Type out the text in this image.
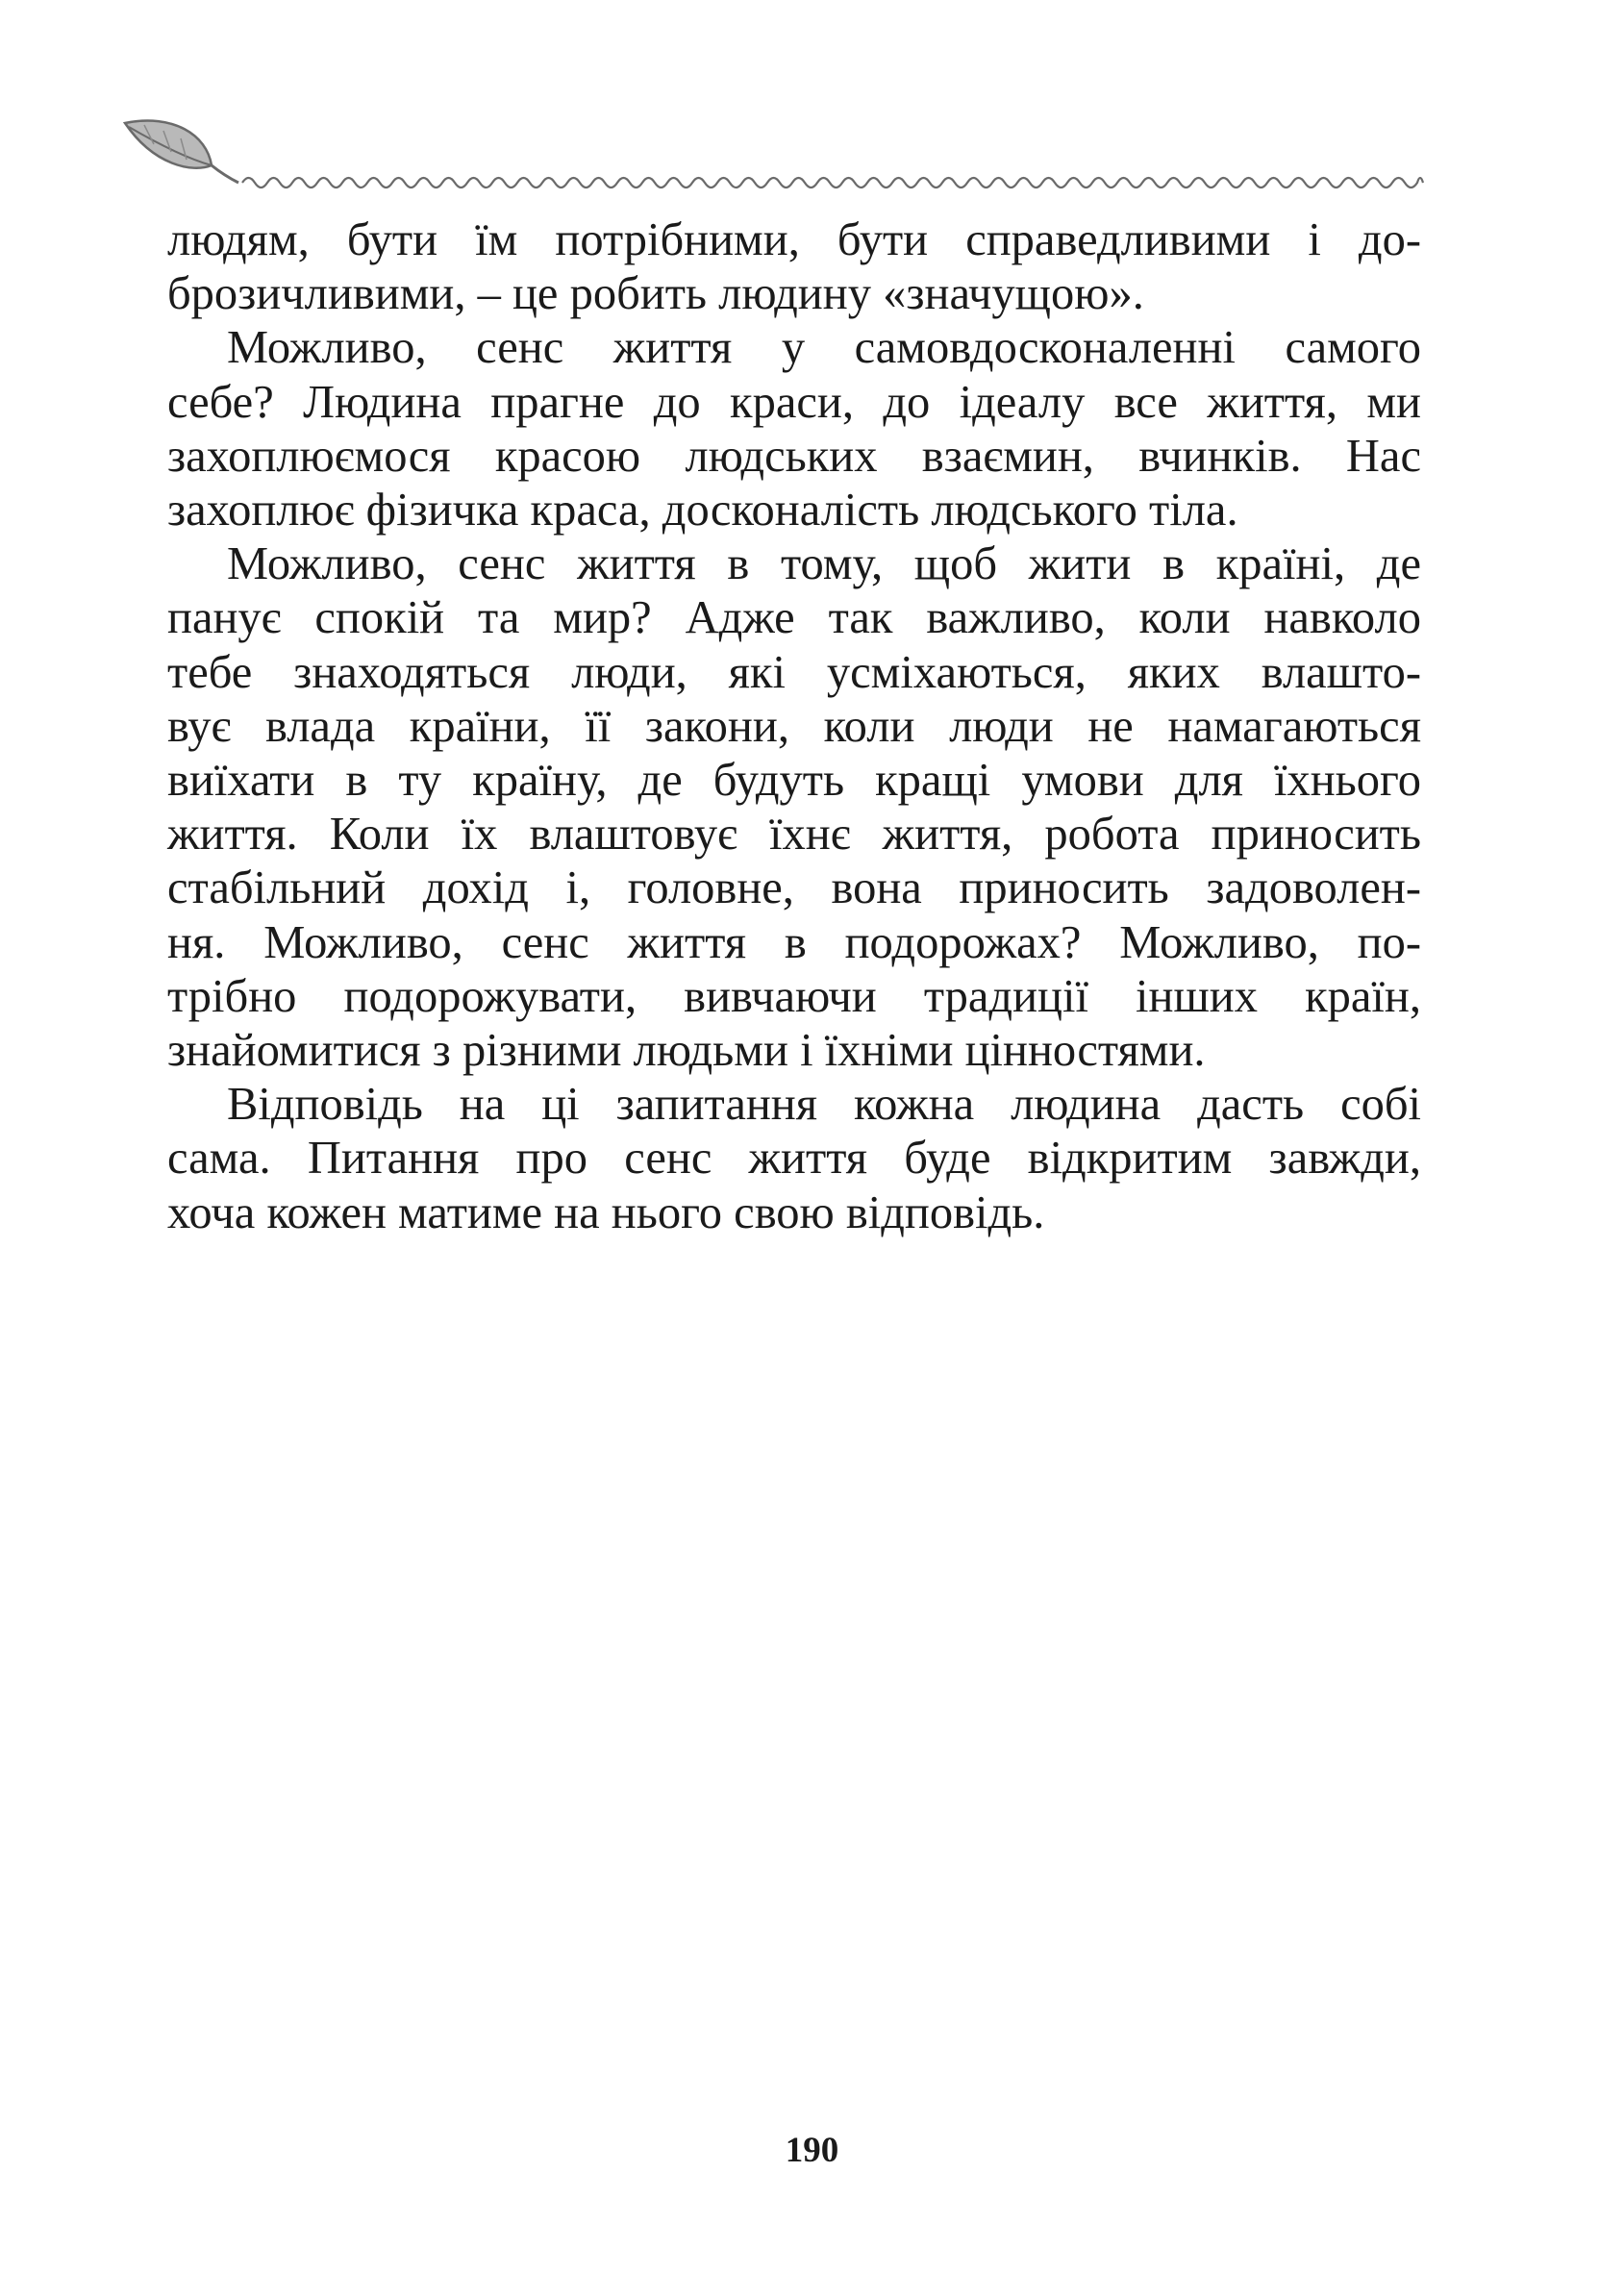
людям, бути їм потрібними, бути справедливими і до-
брозичливими, – це робить людину «значущою».

Можливо, сенс життя у самовдосконаленні самого
себе? Людина прагне до краси, до ідеалу все життя, ми
захоплюємося красою людських взаємин, вчинків. Нас
захоплює фізичка краса, досконалість людського тіла.

Можливо, сенс життя в тому, щоб жити в країні, де
панує спокій та мир? Адже так важливо, коли навколо
тебе знаходяться люди, які усміхаються, яких влашто-
вує влада країни, її закони, коли люди не намагаються
виїхати в ту країну, де будуть кращі умови для їхнього
життя. Коли їх влаштовує їхнє життя, робота приносить
стабільний дохід і, головне, вона приносить задоволен-
ня. Можливо, сенс життя в подорожах? Можливо, по-
трібно подорожувати, вивчаючи традиції інших країн,
знайомитися з різними людьми і їхніми цінностями.

Відповідь на ці запитання кожна людина дасть собі
сама. Питання про сенс життя буде відкритим завжди,
хоча кожен матиме на нього свою відповідь.

190
